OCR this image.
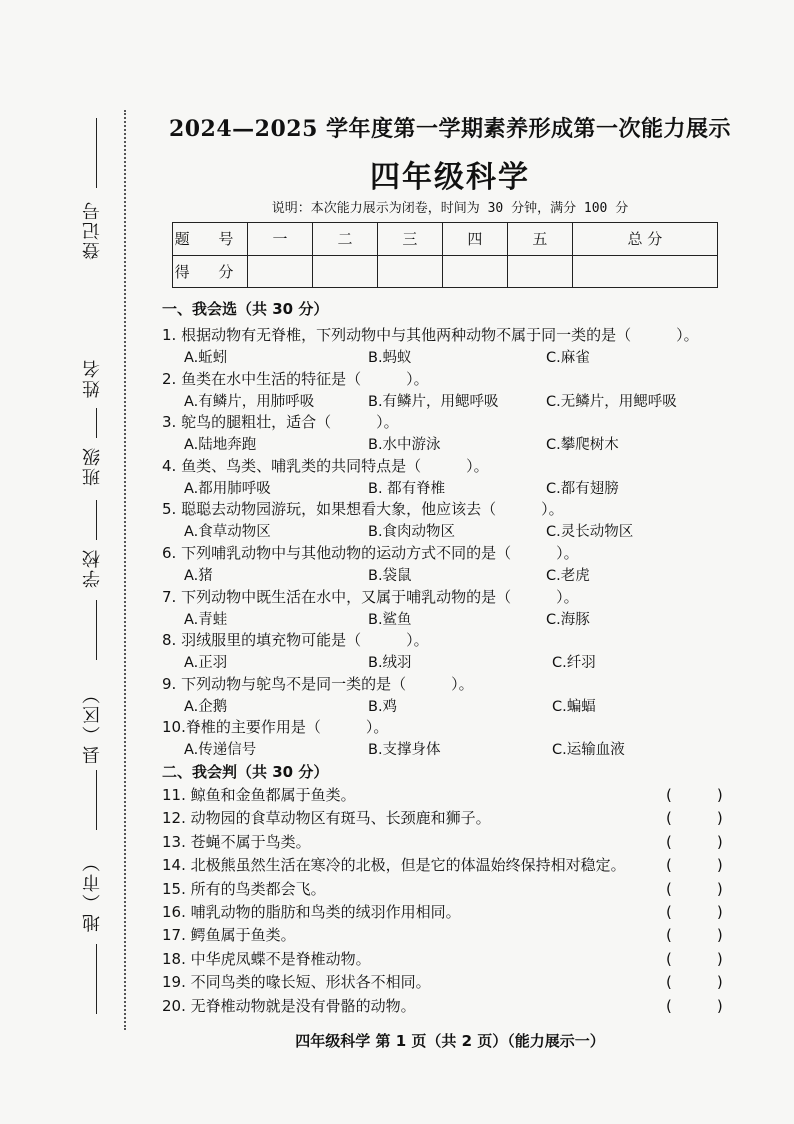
登记号
姓名
班级
学校
县（区）
地（市）
2024—2025 学年度第一学期素养形成第一次能力展示
四年级科学
说明：本次能力展示为闭卷，时间为 30 分钟，满分 100 分
题 号	一	二	三	四	五	总 分
得 分						
一、我会选（共 30 分）
1. 根据动物有无脊椎，下列动物中与其他两种动物不属于同一类的是（　　　）。
A.蚯蚓	B.蚂蚁	C.麻雀
2. 鱼类在水中生活的特征是（　　　）。
A.有鳞片，用肺呼吸	B.有鳞片，用鳃呼吸	C.无鳞片，用鳃呼吸
3. 鸵鸟的腿粗壮，适合（　　　）。
A.陆地奔跑	B.水中游泳	C.攀爬树木
4. 鱼类、鸟类、哺乳类的共同特点是（　　　）。
A.都用肺呼吸	B. 都有脊椎	C.都有翅膀
5. 聪聪去动物园游玩，如果想看大象，他应该去（　　　）。
A.食草动物区	B.食肉动物区	C.灵长动物区
6. 下列哺乳动物中与其他动物的运动方式不同的是（　　　）。
A.猪	B.袋鼠	C.老虎
7. 下列动物中既生活在水中，又属于哺乳动物的是（　　　）。
A.青蛙	B.鲨鱼	C.海豚
8. 羽绒服里的填充物可能是（　　　）。
A.正羽	B.绒羽	C.纤羽
9. 下列动物与鸵鸟不是同一类的是（　　　）。
A.企鹅	B.鸡	C.蝙蝠
10.脊椎的主要作用是（　　　）。
A.传递信号	B.支撑身体	C.运输血液
二、我会判（共 30 分）
11. 鲸鱼和金鱼都属于鱼类。	(　　　)
12. 动物园的食草动物区有斑马、长颈鹿和狮子。	(　　　)
13. 苍蝇不属于鸟类。	(　　　)
14. 北极熊虽然生活在寒冷的北极，但是它的体温始终保持相对稳定。	(　　　)
15. 所有的鸟类都会飞。	(　　　)
16. 哺乳动物的脂肪和鸟类的绒羽作用相同。	(　　　)
17. 鳄鱼属于鱼类。	(　　　)
18. 中华虎凤蝶不是脊椎动物。	(　　　)
19. 不同鸟类的喙长短、形状各不相同。	(　　　)
20. 无脊椎动物就是没有骨骼的动物。	(　　　)
四年级科学 第 1 页（共 2 页）（能力展示一）
